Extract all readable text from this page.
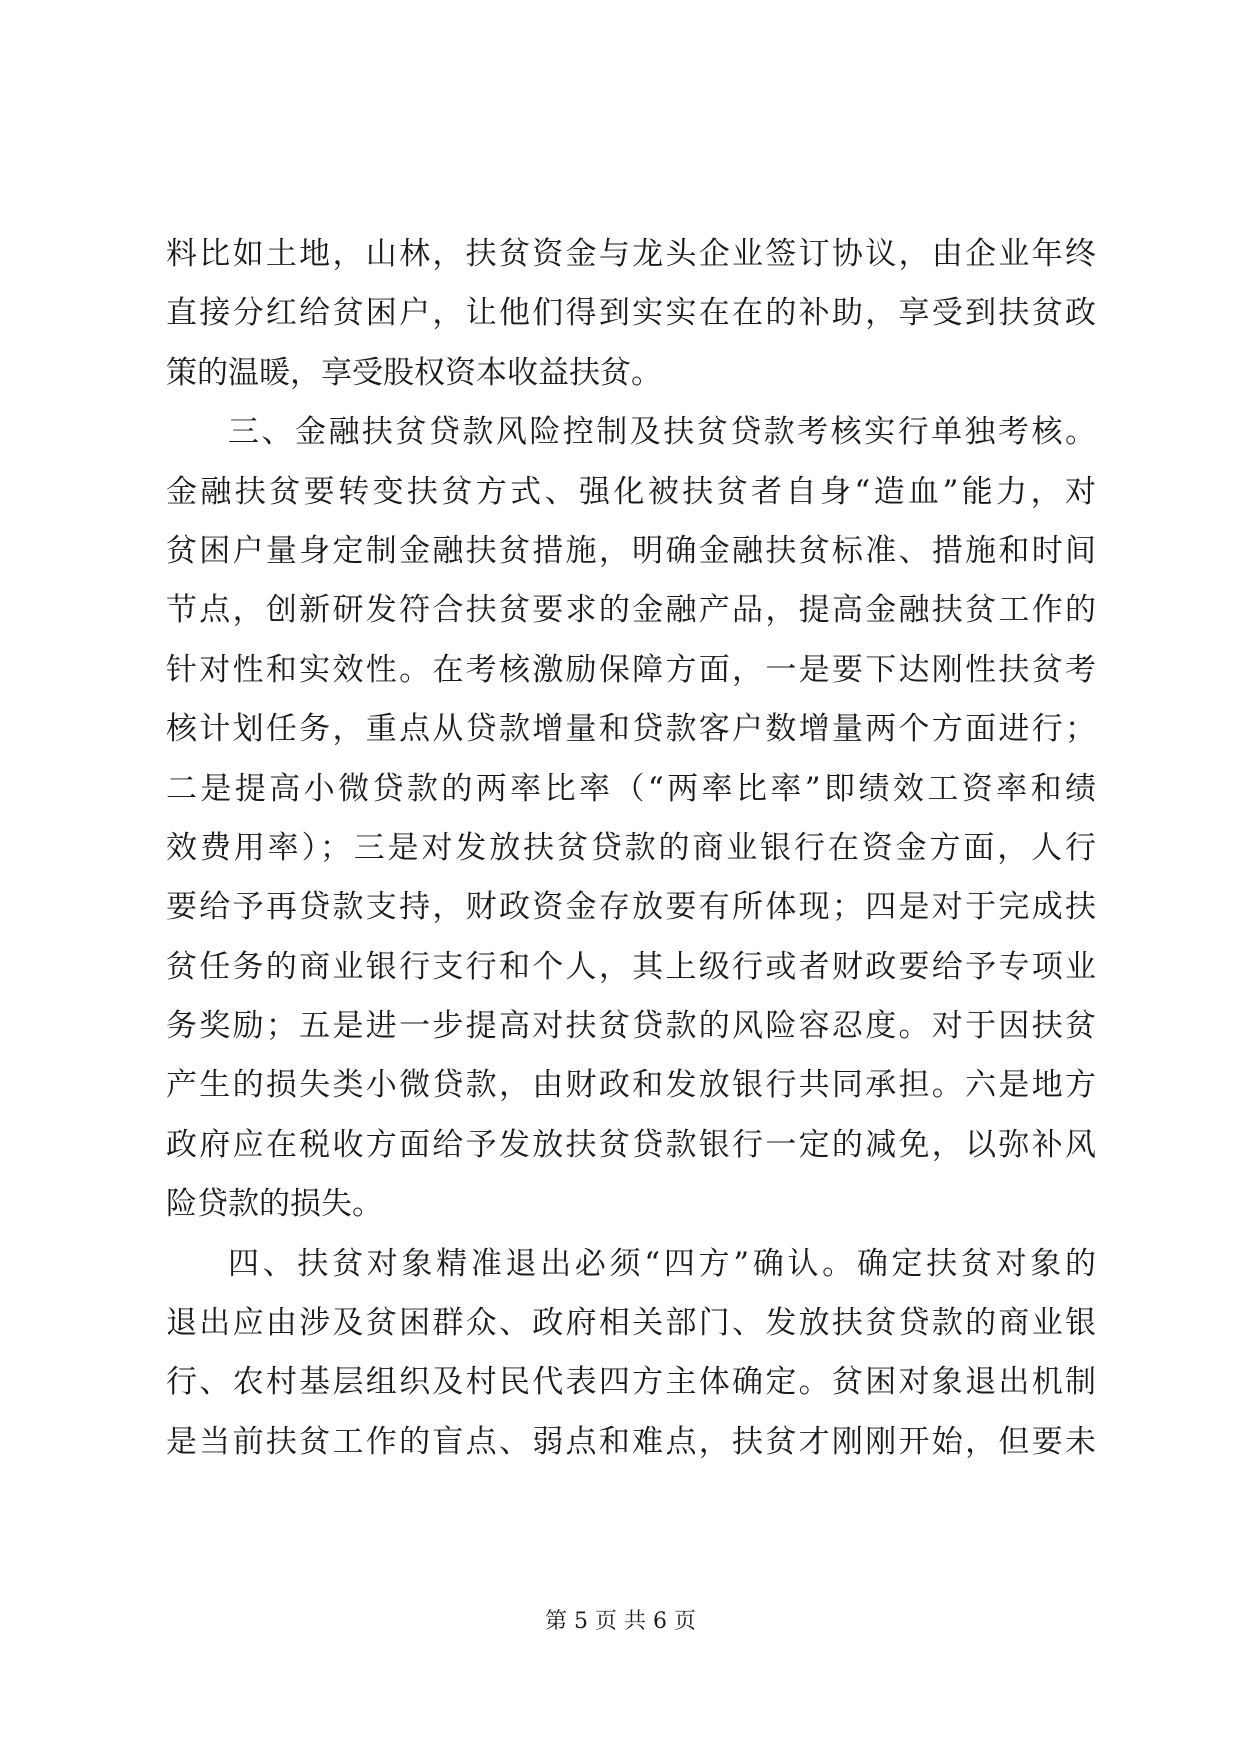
料比如土地，山林，扶贫资金与龙头企业签订协议，由企业年终
直接分红给贫困户，让他们得到实实在在的补助，享受到扶贫政
策的温暖，享受股权资本收益扶贫。
三、金融扶贫贷款风险控制及扶贫贷款考核实行单独考核。
金融扶贫要转变扶贫方式、强化被扶贫者自身“造血”能力，对
贫困户量身定制金融扶贫措施，明确金融扶贫标准、措施和时间
节点，创新研发符合扶贫要求的金融产品，提高金融扶贫工作的
针对性和实效性。在考核激励保障方面，一是要下达刚性扶贫考
核计划任务，重点从贷款增量和贷款客户数增量两个方面进行；
二是提高小微贷款的两率比率（“两率比率”即绩效工资率和绩
效费用率）；三是对发放扶贫贷款的商业银行在资金方面，人行
要给予再贷款支持，财政资金存放要有所体现；四是对于完成扶
贫任务的商业银行支行和个人，其上级行或者财政要给予专项业
务奖励；五是进一步提高对扶贫贷款的风险容忍度。对于因扶贫
产生的损失类小微贷款，由财政和发放银行共同承担。六是地方
政府应在税收方面给予发放扶贫贷款银行一定的减免，以弥补风
险贷款的损失。
四、扶贫对象精准退出必须“四方”确认。确定扶贫对象的
退出应由涉及贫困群众、政府相关部门、发放扶贫贷款的商业银
行、农村基层组织及村民代表四方主体确定。贫困对象退出机制
是当前扶贫工作的盲点、弱点和难点，扶贫才刚刚开始，但要未
第 5 页 共 6 页
